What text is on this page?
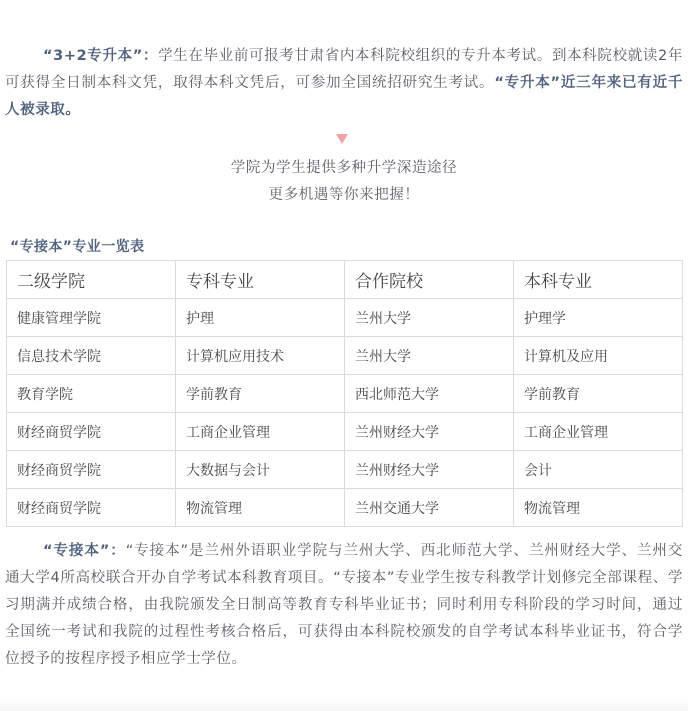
“3+2专升本”：学生在毕业前可报考甘肃省内本科院校组织的专升本考试。到本科院校就读2年可获得全日制本科文凭，取得本科文凭后，可参加全国统招研究生考试。“专升本”近三年来已有近千人被录取。

学院为学生提供多种升学深造途径

更多机遇等你来把握！

“专接本”专业一览表

二级学院	专科专业	合作院校	本科专业
健康管理学院	护理	兰州大学	护理学
信息技术学院	计算机应用技术	兰州大学	计算机及应用
教育学院	学前教育	西北师范大学	学前教育
财经商贸学院	工商企业管理	兰州财经大学	工商企业管理
财经商贸学院	大数据与会计	兰州财经大学	会计
财经商贸学院	物流管理	兰州交通大学	物流管理

“专接本”：“专接本”是兰州外语职业学院与兰州大学、西北师范大学、兰州财经大学、兰州交通大学4所高校联合开办自学考试本科教育项目。“专接本”专业学生按专科教学计划修完全部课程、学习期满并成绩合格，由我院颁发全日制高等教育专科毕业证书；同时利用专科阶段的学习时间，通过全国统一考试和我院的过程性考核合格后，可获得由本科院校颁发的自学考试本科毕业证书，符合学位授予的按程序授予相应学士学位。
